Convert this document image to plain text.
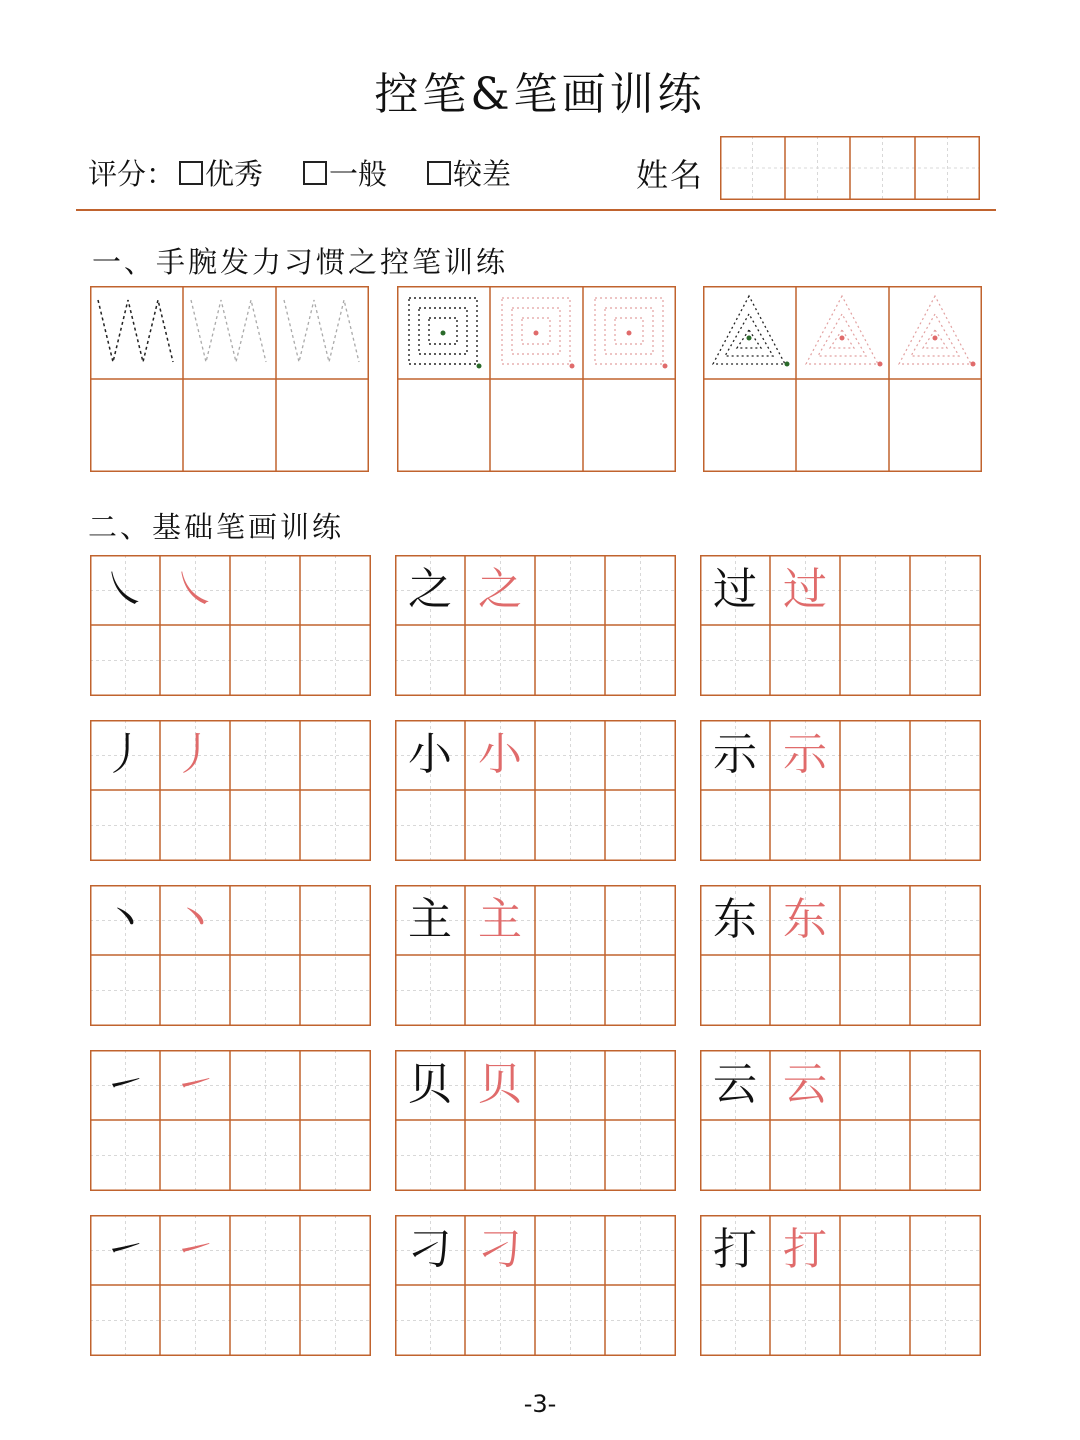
控笔&笔画训练
评分： 优秀 一般 较差	姓名
一、手腕发力习惯之控笔训练
二、基础笔画训练
㇏ ㇏	之 之	过 过
丿 丿	小 小	示 示
丶 丶	主 主	东 东
㇀ ㇀	贝 贝	云 云
㇀ ㇀	刁 刁	打 打
-3-
